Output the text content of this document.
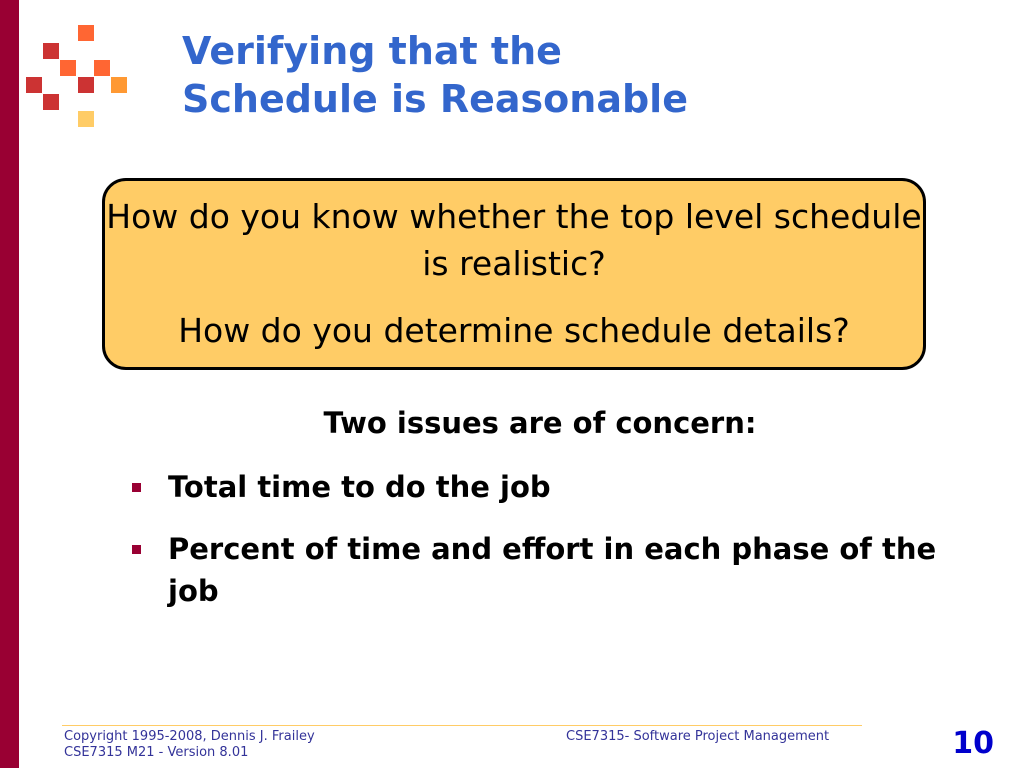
Verifying that the
Schedule is Reasonable
How do you know whether the top level schedule is realistic?
How do you determine schedule details?
Two issues are of concern:
Total time to do the job
Percent of time and effort in each phase of the job
Copyright 1995-2008, Dennis J. Frailey
CSE7315 M21 - Version 8.01
CSE7315- Software Project Management	10
